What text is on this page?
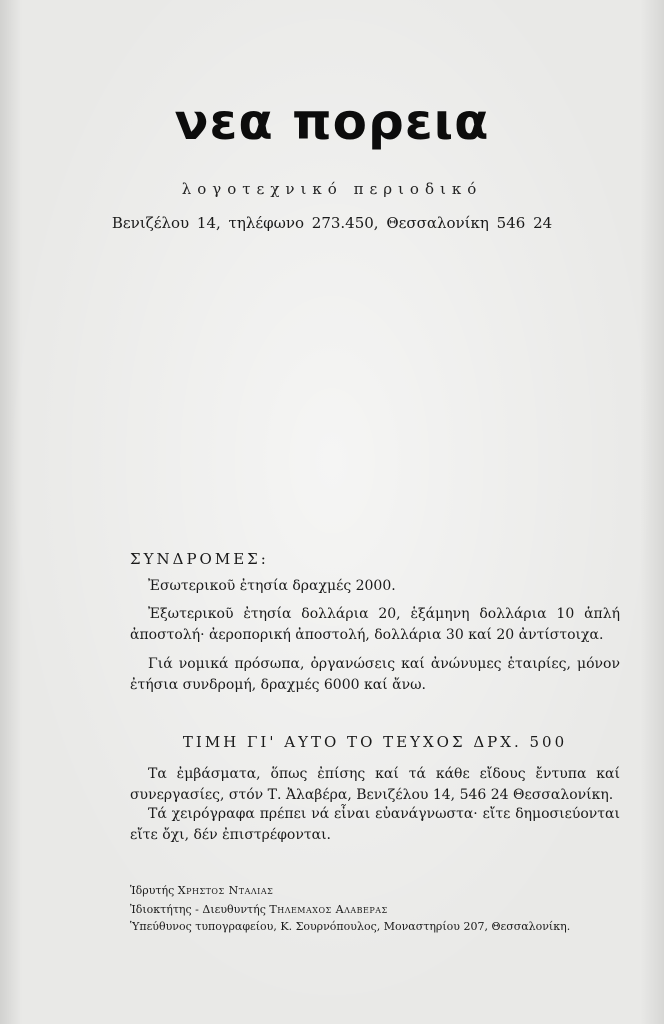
νεα πορεια
λογοτεχνικό περιοδικό
Βενιζέλου 14, τηλέφωνο 273.450, Θεσσαλονίκη 546 24
ΣΥΝΔΡΟΜΕΣ:

Ἐσωτερικοῦ ἐτησία δραχμές 2000.

Ἐξωτερικοῦ ἐτησία δολλάρια 20, ἑξάμηνη δολλάρια 10 ἁπλή ἀποστολή· ἀεροπορική ἀποστολή, δολλάρια 30 καί 20 ἀντίστοιχα.

Γιά νομικά πρόσωπα, ὀργανώσεις καί ἀνώνυμες ἑταιρίες, μόνον ἐτήσια συνδρομή, δραχμές 6000 καί ἄνω.

ΤΙΜΗ ΓΙ' ΑΥΤΟ ΤΟ ΤΕΥΧΟΣ ΔΡΧ. 500

Τα ἐμβάσματα, ὅπως ἐπίσης καί τά κάθε εἴδους ἔντυπα καί συνεργασίες, στόν Τ. Ἀλαβέρα, Βενιζέλου 14, 546 24 Θεσσαλονίκη.

Τά χειρόγραφα πρέπει νά εἶναι εὐανάγνωστα· εἴτε δημοσιεύονται εἴτε ὄχι, δέν ἐπιστρέφονται.

Ἱδρυτής Χρηστος Νταλιας
Ἰδιοκτήτης - Διευθυντής Τηλεμαχος Αλαβερας
Ὑπεύθυνος τυπογραφείου, Κ. Σουρνόπουλος, Μοναστηρίου 207, Θεσσαλονίκη.
